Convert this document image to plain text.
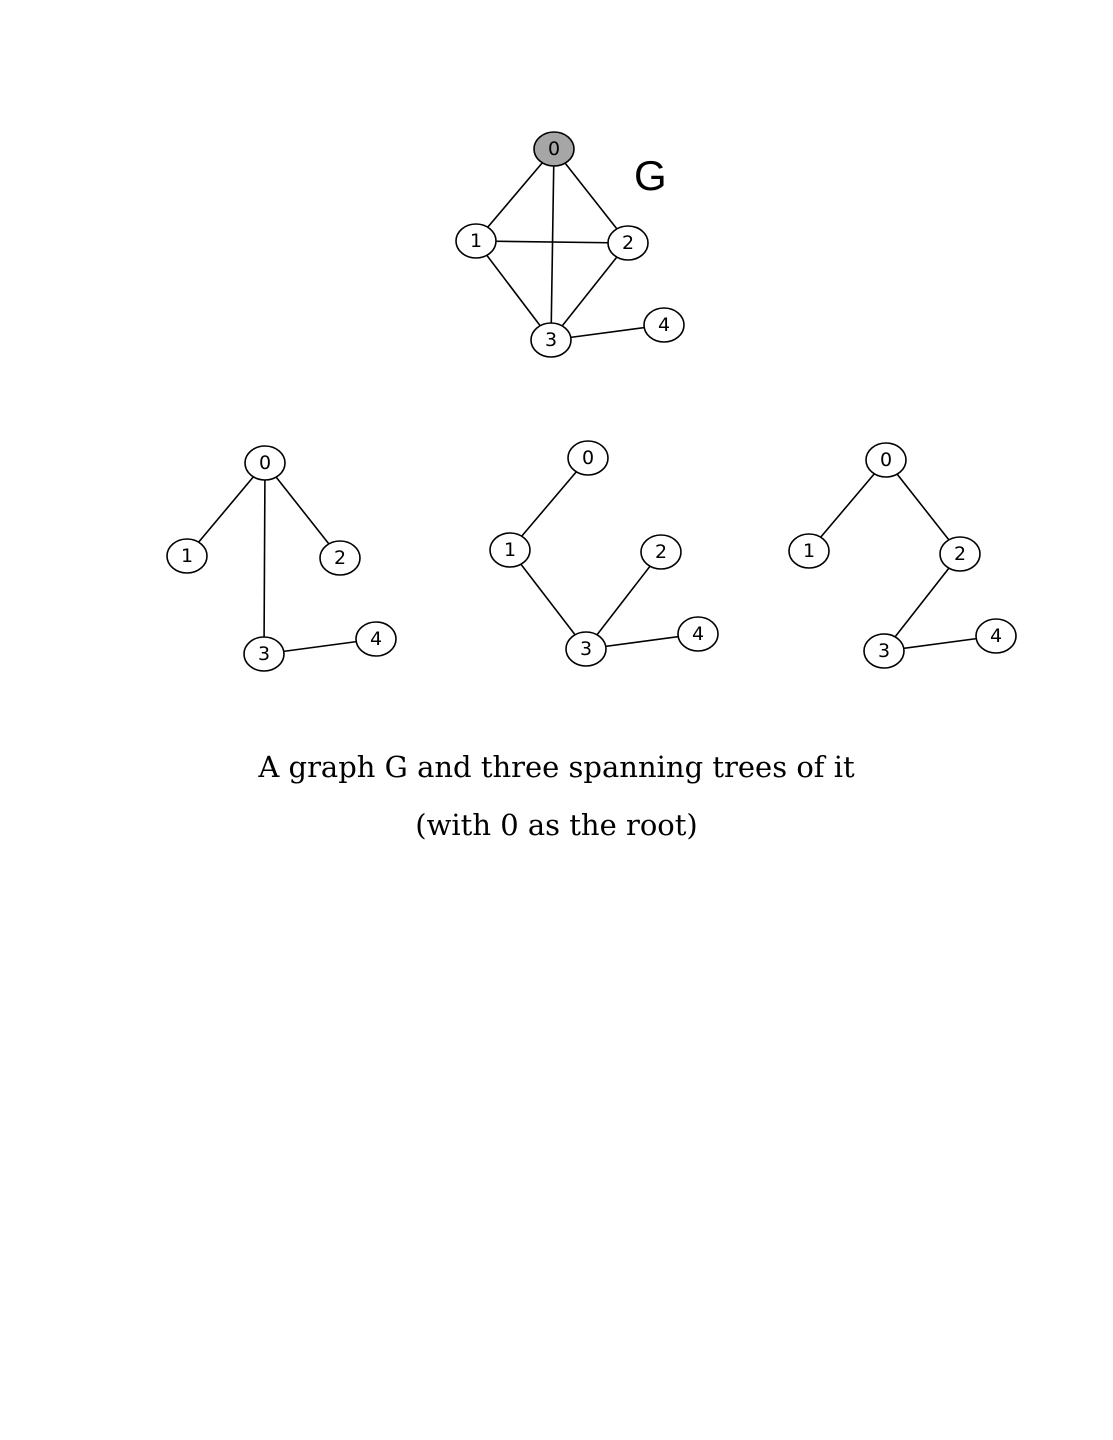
0
1	2
3
4
G
0
1	2
3
4
0
1	2
3
4
0
1	2
3
4

A graph G and three spanning trees of it

(with 0 as the root)
